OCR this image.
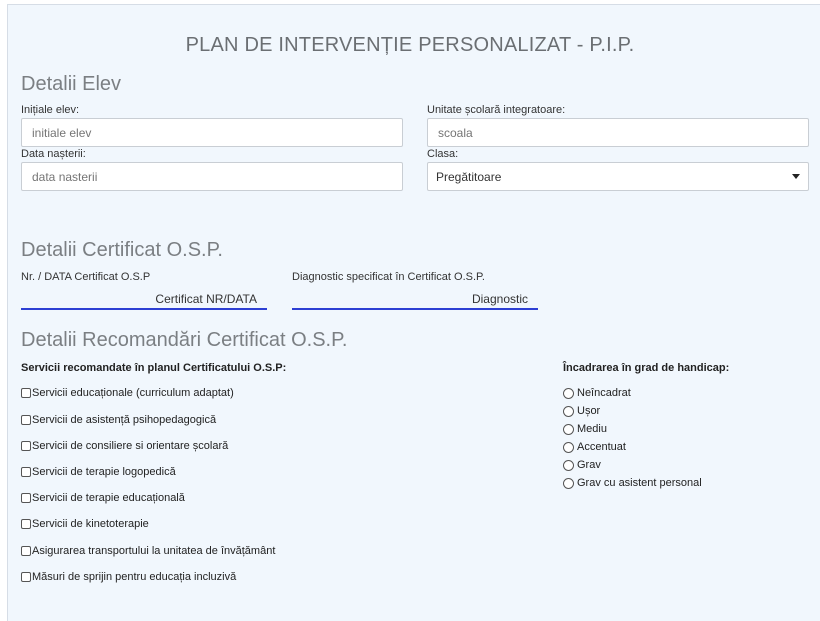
PLAN DE INTERVENȚIE PERSONALIZAT - P.I.P.
Detalii Elev
Inițiale elev:
initiale elev	Unitate școlară integratoare:
scoala
Data nașterii:
data nasterii	Clasa:
Pregătitoare
Detalii Certificat O.S.P.
Nr. / DATA Certificat O.S.P
Certificat NR/DATA
Diagnostic specificat în Certificat O.S.P.
Diagnostic
Detalii Recomandări Certificat O.S.P.
Servicii recomandate în planul Certificatului O.S.P:
Servicii educaționale (curriculum adaptat)
Servicii de asistență psihopedagogică
Servicii de consiliere si orientare școlară
Servicii de terapie logopedică
Servicii de terapie educațională
Servicii de kinetoterapie
Asigurarea transportului la unitatea de învățământ
Măsuri de sprijin pentru educația incluzivă
Încadrarea în grad de handicap:
Neîncadrat
Ușor
Mediu
Accentuat
Grav
Grav cu asistent personal
